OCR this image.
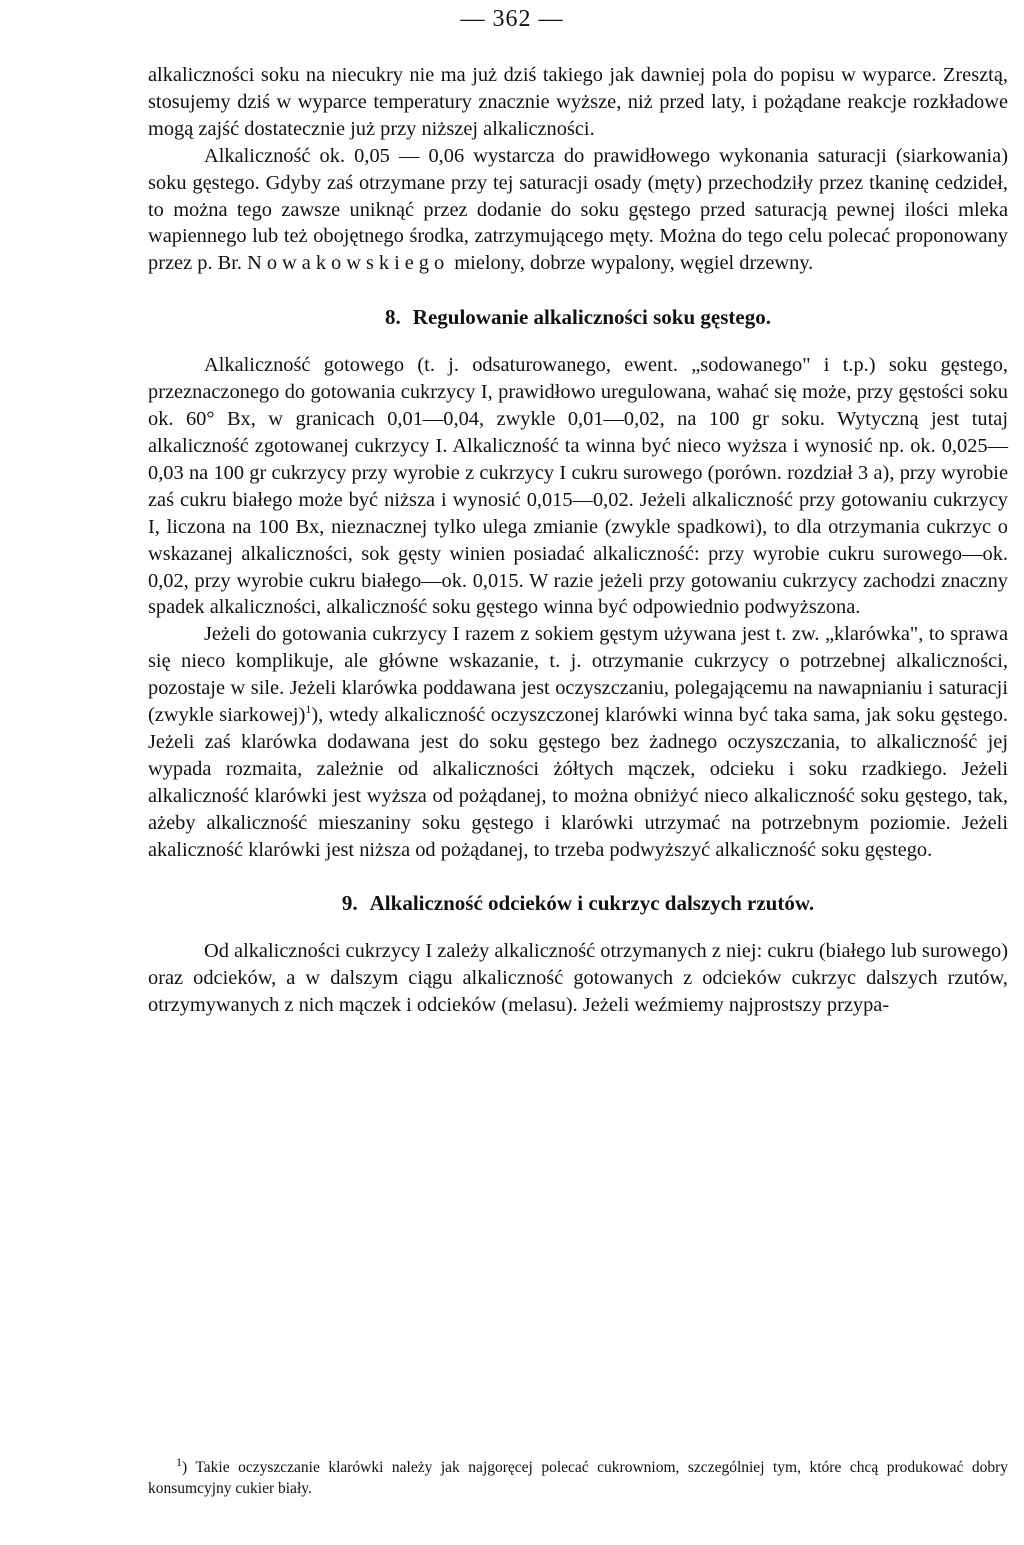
— 362 —

alkaliczności soku na niecukry nie ma już dziś takiego jak dawniej pola do popisu w wyparce. Zresztą, stosujemy dziś w wyparce temperatury znacznie wyższe, niż przed laty, i pożądane reakcje rozkładowe mogą zajść dostatecznie już przy niższej alkaliczności.

Alkaliczność ok. 0,05 — 0,06 wystarcza do prawidłowego wykonania saturacji (siarkowania) soku gęstego. Gdyby zaś otrzymane przy tej saturacji osady (męty) przechodziły przez tkaninę cedzideł, to można tego zawsze uniknąć przez dodanie do soku gęstego przed saturacją pewnej ilości mleka wapiennego lub też obojętnego środka, zatrzymującego męty. Można do tego celu polecać proponowany przez p. Br. Nowakowskiego mielony, dobrze wypalony, węgiel drzewny.

8. Regulowanie alkaliczności soku gęstego.

Alkaliczność gotowego (t. j. odsaturowanego, ewent. „sodowanego" i t.p.) soku gęstego, przeznaczonego do gotowania cukrzycy I, prawidłowo uregulowana, wahać się może, przy gęstości soku ok. 60° Bx, w granicach 0,01—0,04, zwykle 0,01—0,02, na 100 gr soku. Wytyczną jest tutaj alkaliczność zgotowanej cukrzycy I. Alkaliczność ta winna być nieco wyższa i wynosić np. ok. 0,025—0,03 na 100 gr cukrzycy przy wyrobie z cukrzycy I cukru surowego (porówn. rozdział 3 a), przy wyrobie zaś cukru białego może być niższa i wynosić 0,015—0,02. Jeżeli alkaliczność przy gotowaniu cukrzycy I, liczona na 100 Bx, nieznacznej tylko ulega zmianie (zwykle spadkowi), to dla otrzymania cukrzyc o wskazanej alkaliczności, sok gęsty winien posiadać alkaliczność: przy wyrobie cukru surowego—ok. 0,02, przy wyrobie cukru białego—ok. 0,015. W razie jeżeli przy gotowaniu cukrzycy zachodzi znaczny spadek alkaliczności, alkaliczność soku gęstego winna być odpowiednio podwyższona.

Jeżeli do gotowania cukrzycy I razem z sokiem gęstym używana jest t. zw. „klarówka", to sprawa się nieco komplikuje, ale główne wskazanie, t. j. otrzymanie cukrzycy o potrzebnej alkaliczności, pozostaje w sile. Jeżeli klarówka poddawana jest oczyszczaniu, polegającemu na nawapnianiu i saturacji (zwykle siarkowej)$^1$), wtedy alkaliczność oczyszczonej klarówki winna być taka sama, jak soku gęstego. Jeżeli zaś klarówka dodawana jest do soku gęstego bez żadnego oczyszczania, to alkaliczność jej wypada rozmaita, zależnie od alkaliczności żółtych mączek, odcieku i soku rzadkiego. Jeżeli alkaliczność klarówki jest wyższa od pożądanej, to można obniżyć nieco alkaliczność soku gęstego, tak, ażeby alkaliczność mieszaniny soku gęstego i klarówki utrzymać na potrzebnym poziomie. Jeżeli akaliczność klarówki jest niższa od pożądanej, to trzeba podwyższyć alkaliczność soku gęstego.

9. Alkaliczność odcieków i cukrzyc dalszych rzutów.

Od alkaliczności cukrzycy I zależy alkaliczność otrzymanych z niej: cukru (białego lub surowego) oraz odcieków, a w dalszym ciągu alkaliczność gotowanych z odcieków cukrzyc dalszych rzutów, otrzymywanych z nich mączek i odcieków (melasu). Jeżeli weźmiemy najprostszy przypa-

$^1$) Takie oczyszczanie klarówki należy jak najgoręcej polecać cukrowniom, szczególniej tym, które chcą produkować dobry konsumcyjny cukier biały.
